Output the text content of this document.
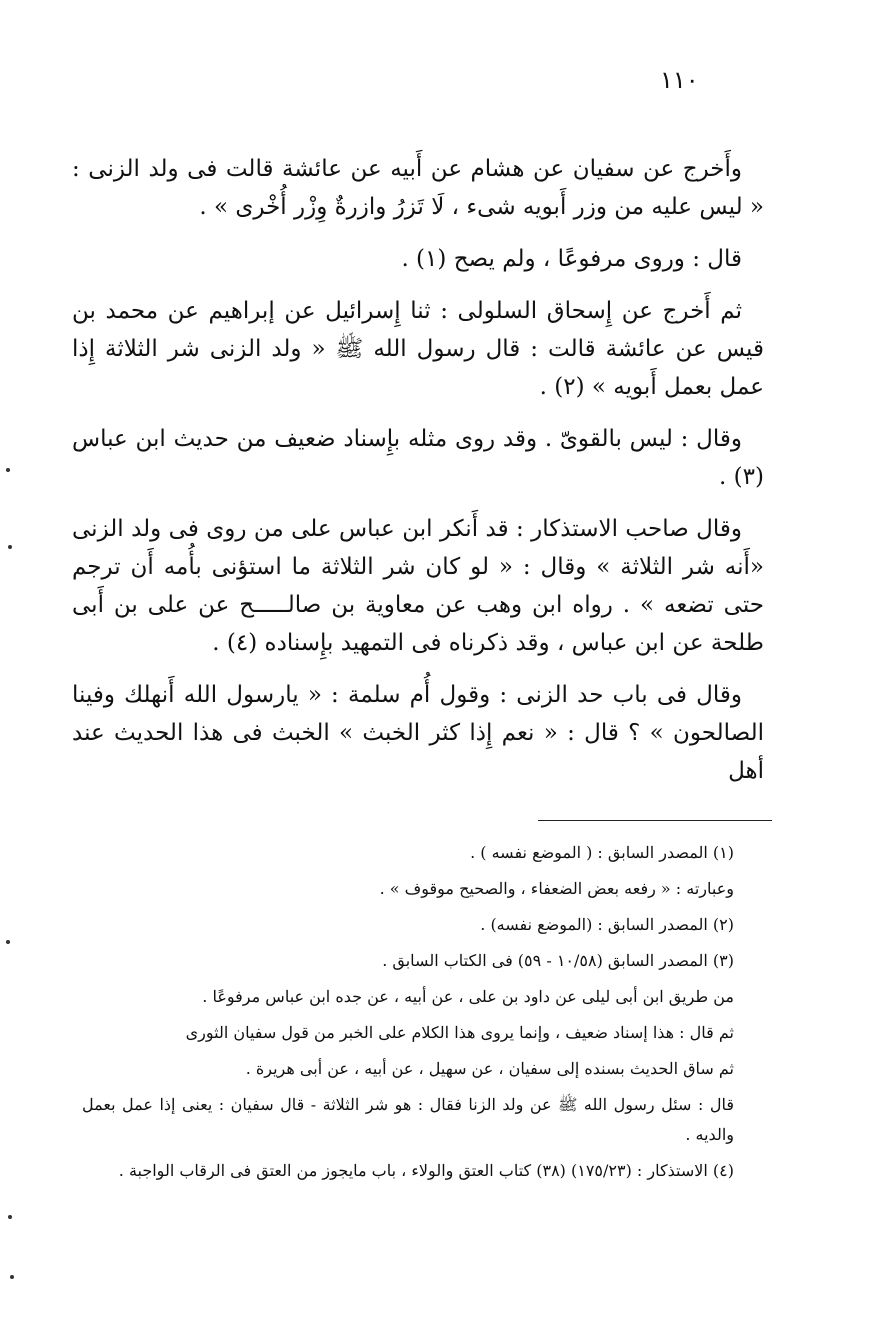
١١٠

وأَخرج عن سفيان عن هشام عن أَبيه عن عائشة قالت فى ولد الزنى : « ليس عليه من وزر أَبويه شىء ، لَا تَزرُ وازرةٌ وِزْر أُخْرى » .

قال : وروى مرفوعًا ، ولم يصح (١) .

ثم أَخرج عن إِسحاق السلولى : ثنا إِسرائيل عن إبراهيم عن محمد بن قيس عن عائشة قالت : قال رسول الله ﷺ « ولد الزنى شر الثلاثة إِذا عمل بعمل أَبويه » (٢) .

وقال : ليس بالقوىّ . وقد روى مثله بإِسناد ضعيف من حديث ابن عباس (٣) .

وقال صاحب الاستذكار : قد أَنكر ابن عباس على من روى فى ولد الزنى «أَنه شر الثلاثة » وقال : « لو كان شر الثلاثة ما استؤنى بأُمه أَن ترجم حتى تضعه » . رواه ابن وهب عن معاوية بن صالـــــح عن على بن أَبى طلحة عن ابن عباس ، وقد ذكرناه فى التمهيد بإِسناده (٤) .

وقال فى باب حد الزنى : وقول أُم سلمة : « يارسول الله أَنهلك وفينا الصالحون » ؟ قال : « نعم إِذا كثر الخبث » الخبث فى هذا الحديث عند أهل

(١) المصدر السابق : ( الموضع نفسه ) .

وعبارته : « رفعه بعض الضعفاء ، والصحيح موقوف » .

(٢) المصدر السابق : (الموضع نفسه) .

(٣) المصدر السابق (١٠/٥٨ - ٥٩) فى الكتاب السابق .

من طريق ابن أبى ليلى عن داود بن على ، عن أبيه ، عن جده ابن عباس مرفوعًا .

ثم قال : هذا إسناد ضعيف ، وإنما يروى هذا الكلام على الخبر من قول سفيان الثورى

ثم ساق الحديث بسنده إلى سفيان ، عن سهيل ، عن أبيه ، عن أبى هريرة .

قال : سئل رسول الله ﷺ عن ولد الزنا فقال : هو شر الثلاثة - قال سفيان : يعنى إذا عمل بعمل والديه .

(٤) الاستذكار : (١٧٥/٢٣) (٣٨) كتاب العتق والولاء ، باب مايجوز من العتق فى الرقاب الواجبة .
